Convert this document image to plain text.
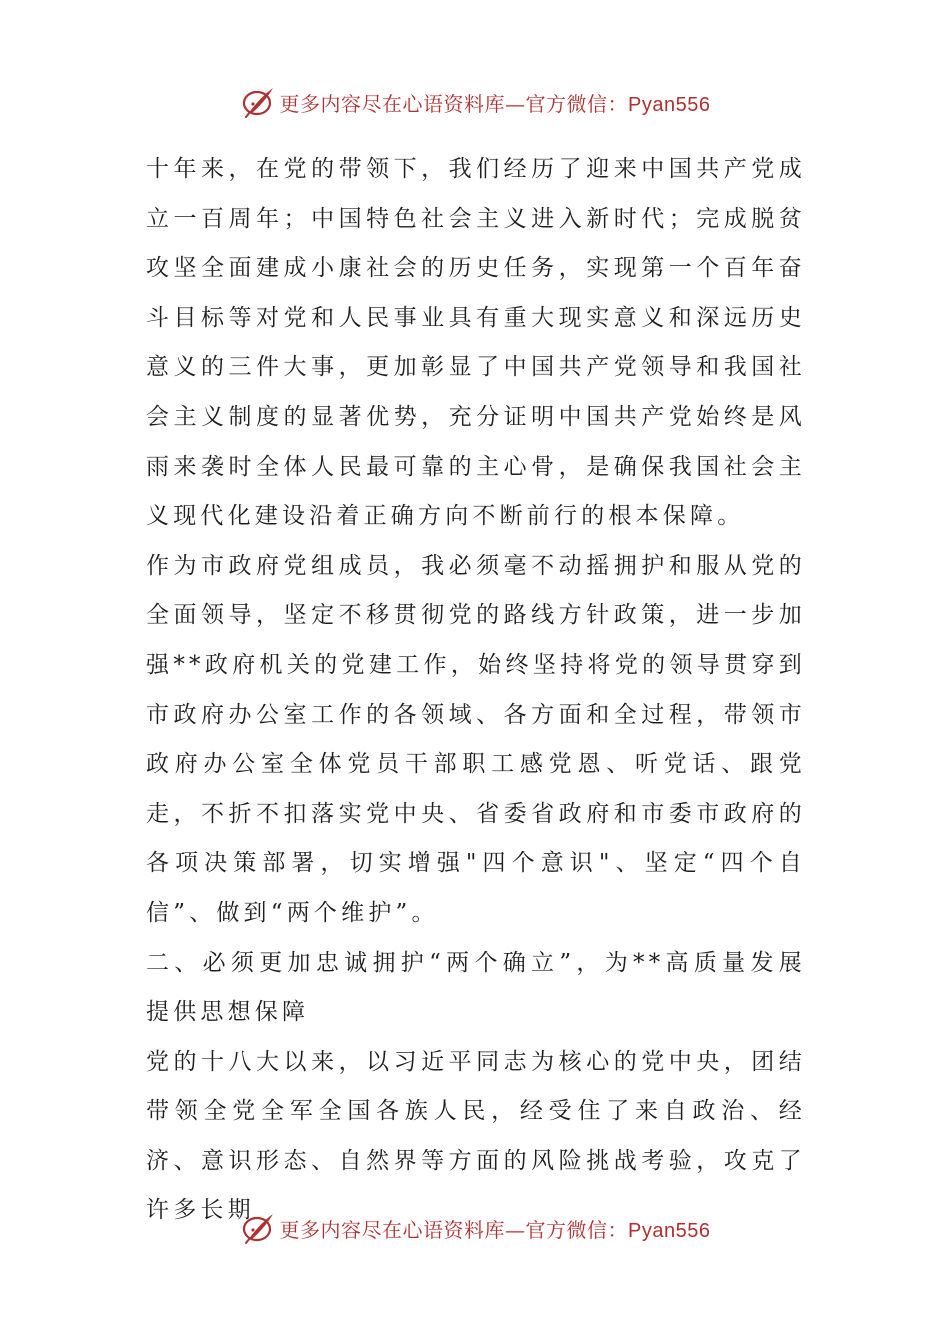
更多内容尽在心语资料库—官方微信：Pyan556

十年来，在党的带领下，我们经历了迎来中国共产党成立一百周年；中国特色社会主义进入新时代；完成脱贫攻坚全面建成小康社会的历史任务，实现第一个百年奋斗目标等对党和人民事业具有重大现实意义和深远历史意义的三件大事，更加彰显了中国共产党领导和我国社会主义制度的显著优势，充分证明中国共产党始终是风雨来袭时全体人民最可靠的主心骨，是确保我国社会主义现代化建设沿着正确方向不断前行的根本保障。

作为市政府党组成员，我必须毫不动摇拥护和服从党的全面领导，坚定不移贯彻党的路线方针政策，进一步加强**政府机关的党建工作，始终坚持将党的领导贯穿到市政府办公室工作的各领域、各方面和全过程，带领市政府办公室全体党员干部职工感党恩、听党话、跟党走，不折不扣落实党中央、省委省政府和市委市政府的各项决策部署，切实增强"四个意识"、坚定“四个自信”、做到“两个维护”。

二、必须更加忠诚拥护“两个确立”，为**高质量发展提供思想保障

党的十八大以来，以习近平同志为核心的党中央，团结带领全党全军全国各族人民，经受住了来自政治、经济、意识形态、自然界等方面的风险挑战考验，攻克了许多长期

更多内容尽在心语资料库—官方微信：Pyan556
